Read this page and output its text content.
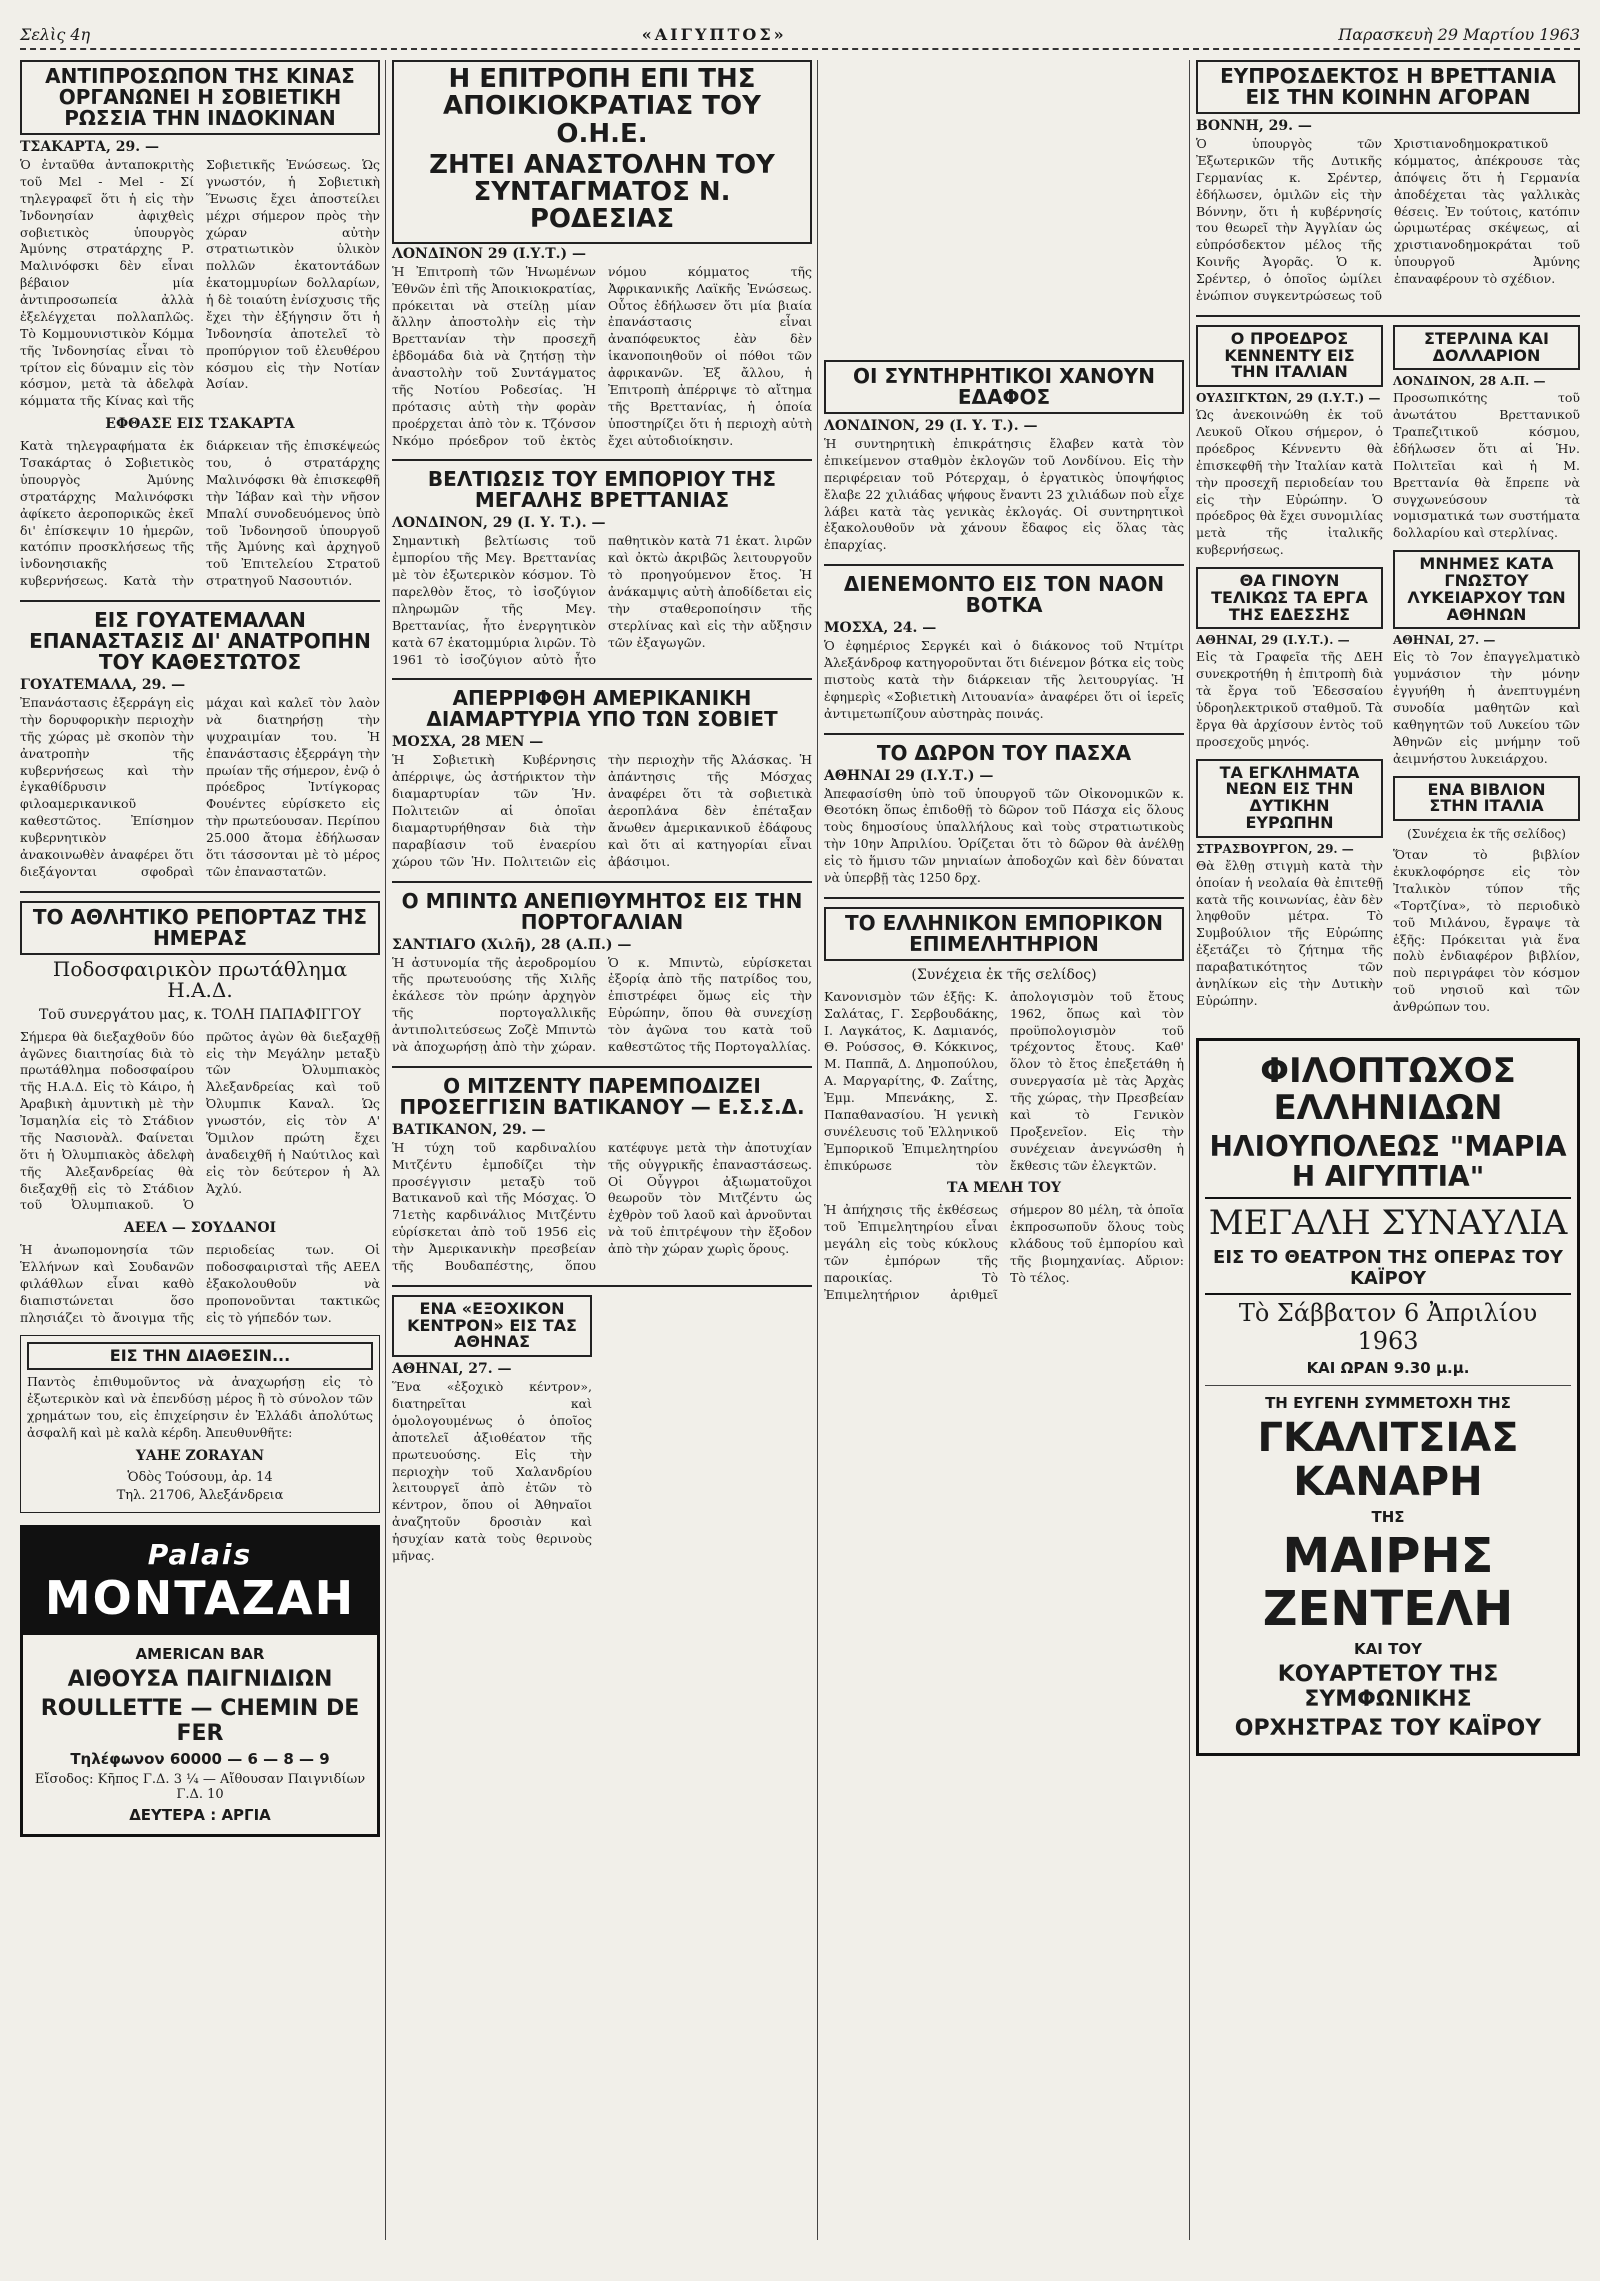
Σελὶς 4η	«ΑΙΓΥΠΤΟΣ»	Παρασκευὴ 29 Μαρτίου 1963
ΑΝΤΙΠΡΟΣΩΠΟΝ ΤΗΣ ΚΙΝΑΣ ΟΡΓΑΝΩΝΕΙ Η ΣΟΒΙΕΤΙΚΗ ΡΩΣΣΙΑ ΤΗΝ ΙΝΔΟΚΙΝΑΝ
ΤΣΑΚΑΡΤΑ, 29. —
Ὁ ἐνταῦθα ἀνταποκριτὴς τοῦ Μεl - Mel - Σί τηλεγραφεῖ ὅτι ἡ εἰς τὴν Ἰνδονησίαν ἀφιχθεὶς σοβιετικὸς ὑπουργὸς Ἀμύνης στρατάρχης Ρ. Μαλινόφσκι δὲν εἶναι βέβαιον μία ἀντιπροσωπεία ἀλλὰ ἐξελέγχεται πολλαπλῶς. Τὸ Κομμουνιστικὸν Κόμμα τῆς Ἰνδονησίας εἶναι τὸ τρίτον εἰς δύναμιν εἰς τὸν κόσμον, μετὰ τὰ ἀδελφὰ κόμματα τῆς Κίνας καὶ τῆς Σοβιετικῆς Ἑνώσεως. Ὡς γνωστόν, ἡ Σοβιετικὴ Ἕνωσις ἔχει ἀποστείλει μέχρι σήμερον πρὸς τὴν χώραν αὐτὴν στρατιωτικὸν ὑλικὸν πολλῶν ἑκατοντάδων ἑκατομμυρίων δολλαρίων, ἡ δὲ τοιαύτη ἐνίσχυσις τῆς ἔχει τὴν ἐξήγησιν ὅτι ἡ Ἰνδονησία ἀποτελεῖ τὸ προπύργιον τοῦ ἐλευθέρου κόσμου εἰς τὴν Νοτίαν Ἀσίαν.
ΕΦΘΑΣΕ ΕΙΣ ΤΣΑΚΑΡΤΑ
Κατὰ τηλεγραφήματα ἐκ Τσακάρτας ὁ Σοβιετικὸς ὑπουργὸς Ἀμύνης στρατάρχης Μαλινόφσκι ἀφίκετο ἀεροπορικῶς ἐκεῖ δι' ἐπίσκεψιν 10 ἡμερῶν, κατόπιν προσκλήσεως τῆς ἰνδονησιακῆς κυβερνήσεως. Κατὰ τὴν διάρκειαν τῆς ἐπισκέψεώς του, ὁ στρατάρχης Μαλινόφσκι θὰ ἐπισκεφθῆ τὴν Ἰάβαν καὶ τὴν νῆσον Μπαλί συνοδευόμενος ὑπὸ τοῦ Ἰνδονησοῦ ὑπουργοῦ τῆς Ἀμύνης καὶ ἀρχηγοῦ τοῦ Ἐπιτελείου Στρατοῦ στρατηγοῦ Νασουτιόν.
ΕΙΣ ΓΟΥΑΤΕΜΑΛΑΝ ΕΠΑΝΑΣΤΑΣΙΣ ΔΙ' ΑΝΑΤΡΟΠΗΝ ΤΟΥ ΚΑΘΕΣΤΩΤΟΣ
ΓΟΥΑΤΕΜΑΛΑ, 29. —
Ἐπανάστασις ἐξερράγη εἰς τὴν δορυφορικὴν περιοχὴν τῆς χώρας μὲ σκοπὸν τὴν ἀνατροπὴν τῆς κυβερνήσεως καὶ τὴν ἐγκαθίδρυσιν φιλοαμερικανικοῦ καθεστῶτος. Ἐπίσημον κυβερνητικὸν ἀνακοινωθὲν ἀναφέρει ὅτι διεξάγονται σφοδραὶ μάχαι καὶ καλεῖ τὸν λαὸν νὰ διατηρήσῃ τὴν ψυχραιμίαν του. Ἡ ἐπανάστασις ἐξερράγη τὴν πρωίαν τῆς σήμερον, ἐνῷ ὁ πρόεδρος Ἰντίγκορας Φουέντες εὑρίσκετο εἰς τὴν πρωτεύουσαν. Περίπου 25.000 ἄτομα ἐδήλωσαν ὅτι τάσσονται μὲ τὸ μέρος τῶν ἐπαναστατῶν.
ΤΟ ΑΘΛΗΤΙΚΟ ΡΕΠΟΡΤΑΖ ΤΗΣ ΗΜΕΡΑΣ
Ποδοσφαιρικὸν πρωτάθλημα Η.Α.Δ.
Τοῦ συνεργάτου μας, κ. ΤΟΛΗ ΠΑΠΑΦΙΓΓΟΥ
Σήμερα θὰ διεξαχθοῦν δύο ἀγῶνες διαιτησίας διὰ τὸ πρωτάθλημα ποδοσφαίρου τῆς Η.Α.Δ. Εἰς τὸ Κάιρο, ἡ Ἀραβικὴ ἀμυντικὴ μὲ τὴν Ἰσμαηλία εἰς τὸ Στάδιον τῆς Νασιονὰλ. Φαίνεται ὅτι ἡ Ὀλυμπιακὸς ἀδελφὴ τῆς Ἀλεξανδρείας θὰ διεξαχθῇ εἰς τὸ Στάδιον τοῦ Ὀλυμπιακοῦ. Ὁ πρῶτος ἀγὼν θὰ διεξαχθῇ εἰς τὴν Μεγάλην μεταξὺ τῶν Ὀλυμπιακὸς Ἀλεξανδρείας καὶ τοῦ Ὀλυμπικ Καναλ. Ὡς γνωστόν, εἰς τὸν Α' Ὅμιλον πρώτη ἔχει ἀναδειχθῆ ἡ Ναύτιλος καὶ εἰς τὸν δεύτερον ἡ Ἀλ Ἀχλύ.
ΑΕΕΛ — ΣΟΥΔΑΝΟΙ
Ἡ ἀνωπομονησία τῶν Ἑλλήνων καὶ Σουδανῶν φιλάθλων εἶναι καθὸ διαπιστώνεται ὅσο πλησιάζει τὸ ἄνοιγμα τῆς περιοδείας των. Οἱ ποδοσφαιρισταὶ τῆς ΑΕΕΛ ἐξακολουθοῦν νὰ προπονοῦνται τακτικῶς εἰς τὸ γήπεδόν των.
ΕΙΣ ΤΗΝ ΔΙΑΘΕΣΙΝ...
Παντὸς ἐπιθυμοῦντος νὰ ἀναχωρήσῃ εἰς τὸ ἐξωτερικὸν καὶ νὰ ἐπενδύσῃ μέρος ἢ τὸ σύνολον τῶν χρημάτων του, εἰς ἐπιχείρησιν ἐν Ἑλλάδι ἀπολύτως ἀσφαλῆ καὶ μὲ καλὰ κέρδη. Ἀπευθυνθῆτε:
ΥΑΗΕ ΖΟRΑΥΑΝ
Ὁδὸς Τούσουμ, ἀρ. 14
Τηλ. 21706, Ἀλεξάνδρεια
Palais
MONTAZAH
AMERICAN BAR
ΑΙΘΟΥΣΑ ΠΑΙΓΝΙΔΙΩΝ
ROULLETTE — CHEMIN DE FER
Τηλέφωνον 60000 — 6 — 8 — 9
Εἴσοδος: Κῆπος Γ.Δ. 3 ¼ — Αἴθουσαν Παιγνιδίων Γ.Δ. 10
ΔΕΥΤΕΡΑ : ΑΡΓΙΑ
Η ΕΠΙΤΡΟΠΗ ΕΠΙ ΤΗΣ ΑΠΟΙΚΙΟΚΡΑΤΙΑΣ ΤΟΥ Ο.Η.Ε.
ΖΗΤΕΙ ΑΝΑΣΤΟΛΗΝ ΤΟΥ ΣΥΝΤΑΓΜΑΤΟΣ Ν. ΡΟΔΕΣΙΑΣ
ΛΟΝΔΙΝΟΝ 29 (Ι.Υ.Τ.) —
Ἡ Ἐπιτροπὴ τῶν Ἡνωμένων Ἐθνῶν ἐπὶ τῆς Ἀποικιοκρατίας, πρόκειται νὰ στείλῃ μίαν ἄλλην ἀποστολὴν εἰς τὴν Βρεττανίαν τὴν προσεχῆ ἑβδομάδα διὰ νὰ ζητήσῃ τὴν ἀναστολὴν τοῦ Συντάγματος τῆς Νοτίου Ροδεσίας. Ἡ πρότασις αὐτὴ τὴν φορὰν προέρχεται ἀπὸ τὸν κ. Τζόνσον Νκόμο πρόεδρον τοῦ ἐκτὸς νόμου κόμματος τῆς Ἀφρικανικῆς Λαϊκῆς Ἑνώσεως. Οὗτος ἐδήλωσεν ὅτι μία βιαία ἐπανάστασις εἶναι ἀναπόφευκτος ἐὰν δὲν ἱκανοποιηθοῦν οἱ πόθοι τῶν ἀφρικανῶν. Ἐξ ἄλλου, ἡ Ἐπιτροπὴ ἀπέρριψε τὸ αἴτημα τῆς Βρεττανίας, ἡ ὁποία ὑποστηρίζει ὅτι ἡ περιοχὴ αὐτὴ ἔχει αὐτοδιοίκησιν.
ΒΕΛΤΙΩΣΙΣ ΤΟΥ ΕΜΠΟΡΙΟΥ ΤΗΣ ΜΕΓΑΛΗΣ ΒΡΕΤΤΑΝΙΑΣ
ΛΟΝΔΙΝΟΝ, 29 (Ι. Υ. Τ.). —
Σημαντικὴ βελτίωσις τοῦ ἐμπορίου τῆς Μεγ. Βρεττανίας μὲ τὸν ἐξωτερικὸν κόσμον. Τὸ παρελθὸν ἔτος, τὸ ἰσοζύγιον πληρωμῶν τῆς Μεγ. Βρεττανίας, ἦτο ἐνεργητικὸν κατὰ 67 ἑκατομμύρια λιρῶν. Τὸ 1961 τὸ ἰσοζύγιον αὐτὸ ἦτο παθητικὸν κατὰ 71 ἑκατ. λιρῶν καὶ ὀκτὼ ἀκριβῶς λειτουργοῦν τὸ προηγούμενον ἔτος. Ἡ ἀνάκαμψις αὐτὴ ἀποδίδεται εἰς τὴν σταθεροποίησιν τῆς στερλίνας καὶ εἰς τὴν αὔξησιν τῶν ἐξαγωγῶν.
ΑΠΕΡΡΙΦΘΗ ΑΜΕΡΙΚΑΝΙΚΗ ΔΙΑΜΑΡΤΥΡΙΑ ΥΠΟ ΤΩΝ ΣΟΒΙΕΤ
ΜΟΣΧΑ, 28 ΜΕΝ —
Ἡ Σοβιετικὴ Κυβέρνησις ἀπέρριψε, ὡς ἀστήρικτον τὴν διαμαρτυρίαν τῶν Ἡν. Πολιτειῶν αἱ ὁποῖαι διαμαρτυρήθησαν διὰ τὴν παραβίασιν τοῦ ἐναερίου χώρου τῶν Ἡν. Πολιτειῶν εἰς τὴν περιοχὴν τῆς Ἀλάσκας. Ἡ ἀπάντησις τῆς Μόσχας ἀναφέρει ὅτι τὰ σοβιετικὰ ἀεροπλάνα δὲν ἐπέταξαν ἄνωθεν ἀμερικανικοῦ ἐδάφους καὶ ὅτι αἱ κατηγορίαι εἶναι ἀβάσιμοι.
Ο ΜΠΙΝΤΩ ΑΝΕΠΙΘΥΜΗΤΟΣ ΕΙΣ ΤΗΝ ΠΟΡΤΟΓΑΛΙΑΝ
ΣΑΝΤΙΑΓΟ (Χιλῆ), 28 (Α.Π.) —
Ἡ ἀστυνομία τῆς ἀεροδρομίου τῆς πρωτευούσης τῆς Χιλῆς ἐκάλεσε τὸν πρώην ἀρχηγὸν τῆς πορτογαλλικῆς ἀντιπολιτεύσεως Ζοζὲ Μπιντὼ νὰ ἀποχωρήσῃ ἀπὸ τὴν χώραν. Ὁ κ. Μπιντὼ, εὑρίσκεται ἐξορίᾳ ἀπὸ τῆς πατρίδος του, ἐπιστρέφει ὅμως εἰς τὴν Εὐρώπην, ὅπου θὰ συνεχίσῃ τὸν ἀγῶνα του κατὰ τοῦ καθεστῶτος τῆς Πορτογαλλίας.
Ο ΜΙΤΖΕΝΤΥ ΠΑΡΕΜΠΟΔΙΖΕΙ ΠΡΟΣΕΓΓΙΣΙΝ ΒΑΤΙΚΑΝΟΥ — Ε.Σ.Σ.Δ.
ΒΑΤΙΚΑΝΟΝ, 29. —
Ἡ τύχη τοῦ καρδιναλίου Μιτζέντυ ἐμποδίζει τὴν προσέγγισιν μεταξὺ τοῦ Βατικανοῦ καὶ τῆς Μόσχας. Ὁ 71ετὴς καρδινάλιος Μιτζέντυ εὑρίσκεται ἀπὸ τοῦ 1956 εἰς τὴν Ἀμερικανικὴν πρεσβείαν τῆς Βουδαπέστης, ὅπου κατέφυγε μετὰ τὴν ἀποτυχίαν τῆς οὑγγρικῆς ἐπαναστάσεως. Οἱ Οὗγγροι ἀξιωματοῦχοι θεωροῦν τὸν Μιτζέντυ ὡς ἐχθρὸν τοῦ λαοῦ καὶ ἀρνοῦνται νὰ τοῦ ἐπιτρέψουν τὴν ἔξοδον ἀπὸ τὴν χώραν χωρὶς ὅρους.
ΕΝΑ «ΕΞΟΧΙΚΟΝ ΚΕΝΤΡΟΝ» ΕΙΣ ΤΑΣ ΑΘΗΝΑΣ
ΑΘΗΝΑΙ, 27. —
Ἕνα «ἐξοχικὸ κέντρον», διατηρεῖται καὶ ὁμολογουμένως ὁ ὁποῖος ἀποτελεῖ ἀξιοθέατον τῆς πρωτευούσης. Εἰς τὴν περιοχὴν τοῦ Χαλανδρίου λειτουργεῖ ἀπὸ ἐτῶν τὸ κέντρον, ὅπου οἱ Ἀθηναῖοι ἀναζητοῦν δροσιὰν καὶ ἡσυχίαν κατὰ τοὺς θερινοὺς μῆνας.
ΟΙ ΣΥΝΤΗΡΗΤΙΚΟΙ ΧΑΝΟΥΝ ΕΔΑΦΟΣ
ΛΟΝΔΙΝΟΝ, 29 (Ι. Υ. Τ.). —
Ἡ συντηρητικὴ ἐπικράτησις ἔλαβεν κατὰ τὸν ἐπικείμενον σταθμὸν ἐκλογῶν τοῦ Λονδίνου. Εἰς τὴν περιφέρειαν τοῦ Ρότερχαμ, ὁ ἐργατικὸς ὑποψήφιος ἔλαβε 22 χιλιάδας ψήφους ἔναντι 23 χιλιάδων ποὺ εἶχε λάβει κατὰ τὰς γενικὰς ἐκλογάς. Οἱ συντηρητικοὶ ἐξακολουθοῦν νὰ χάνουν ἔδαφος εἰς ὅλας τὰς ἐπαρχίας.
ΔΙΕΝΕΜΟΝΤΟ ΕΙΣ ΤΟΝ ΝΑΟΝ ΒΟΤΚΑ
ΜΟΣΧΑ, 24. —
Ὁ ἐφημέριος Σεργκέι καὶ ὁ διάκονος τοῦ Ντμίτρι Ἀλεξάνδροφ κατηγοροῦνται ὅτι διένεμον βότκα εἰς τοὺς πιστοὺς κατὰ τὴν διάρκειαν τῆς λειτουργίας. Ἡ ἐφημερὶς «Σοβιετικὴ Λιτουανία» ἀναφέρει ὅτι οἱ ἱερεῖς ἀντιμετωπίζουν αὐστηρὰς ποινάς.
ΤΟ ΔΩΡΟΝ ΤΟΥ ΠΑΣΧΑ
ΑΘΗΝΑΙ 29 (Ι.Υ.Τ.) —
Ἀπεφασίσθη ὑπὸ τοῦ ὑπουργοῦ τῶν Οἰκονομικῶν κ. Θεοτόκη ὅπως ἐπιδοθῇ τὸ δῶρον τοῦ Πάσχα εἰς ὅλους τοὺς δημοσίους ὑπαλλήλους καὶ τοὺς στρατιωτικοὺς τὴν 10ην Ἀπριλίου. Ὁρίζεται ὅτι τὸ δῶρον θὰ ἀνέλθῃ εἰς τὸ ἥμισυ τῶν μηνιαίων ἀποδοχῶν καὶ δὲν δύναται νὰ ὑπερβῇ τὰς 1250 δρχ.
ΤΟ ΕΛΛΗΝΙΚΟΝ ΕΜΠΟΡΙΚΟΝ ΕΠΙΜΕΛΗΤΗΡΙΟΝ
(Συνέχεια ἐκ τῆς σελίδος)
Κανονισμὸν τῶν ἑξῆς: Κ. Σαλάτας, Γ. Σερβουδάκης, Ι. Λαγκάτος, Κ. Δαμιανός, Θ. Ρούσσος, Θ. Κόκκινος, Μ. Παππᾶ, Δ. Δημοπούλου, Α. Μαργαρίτης, Φ. Ζαΐτης, Ἐμμ. Μπενάκης, Σ. Παπαθανασίου. Ἡ γενικὴ συνέλευσις τοῦ Ἑλληνικοῦ Ἐμπορικοῦ Ἐπιμελητηρίου ἐπικύρωσε τὸν ἀπολογισμὸν τοῦ ἔτους 1962, ὅπως καὶ τὸν προϋπολογισμὸν τοῦ τρέχοντος ἔτους. Καθ' ὅλον τὸ ἔτος ἐπεξετάθη ἡ συνεργασία μὲ τὰς Ἀρχὰς τῆς χώρας, τὴν Πρεσβείαν καὶ τὸ Γενικὸν Προξενεῖον. Εἰς τὴν συνέχειαν ἀνεγνώσθη ἡ ἔκθεσις τῶν ἐλεγκτῶν.
ΤΑ ΜΕΛΗ ΤΟΥ
Ἡ ἀπήχησις τῆς ἐκθέσεως τοῦ Ἐπιμελητηρίου εἶναι μεγάλη εἰς τοὺς κύκλους τῶν ἐμπόρων τῆς παροικίας. Τὸ Ἐπιμελητήριον ἀριθμεῖ σήμερον 80 μέλη, τὰ ὁποῖα ἐκπροσωποῦν ὅλους τοὺς κλάδους τοῦ ἐμπορίου καὶ τῆς βιομηχανίας. Αὔριον: Τὸ τέλος.
ΕΥΠΡΟΣΔΕΚΤΟΣ Η ΒΡΕΤΤΑΝΙΑ ΕΙΣ ΤΗΝ ΚΟΙΝΗΝ ΑΓΟΡΑΝ
ΒΟΝΝΗ, 29. —
Ὁ ὑπουργὸς τῶν Ἐξωτερικῶν τῆς Δυτικῆς Γερμανίας κ. Σρέντερ, ἐδήλωσεν, ὁμιλῶν εἰς τὴν Βόννην, ὅτι ἡ κυβέρνησίς του θεωρεῖ τὴν Ἀγγλίαν ὡς εὐπρόσδεκτον μέλος τῆς Κοινῆς Ἀγορᾶς. Ὁ κ. Σρέντερ, ὁ ὁποῖος ὡμίλει ἐνώπιον συγκεντρώσεως τοῦ Χριστιανοδημοκρατικοῦ κόμματος, ἀπέκρουσε τὰς ἀπόψεις ὅτι ἡ Γερμανία ἀποδέχεται τὰς γαλλικὰς θέσεις. Ἐν τούτοις, κατόπιν ὡριμωτέρας σκέψεως, αἱ χριστιανοδημοκράται τοῦ ὑπουργοῦ Ἀμύνης ἐπαναφέρουν τὸ σχέδιον.
Ο ΠΡΟΕΔΡΟΣ ΚΕΝΝΕΝΤΥ ΕΙΣ ΤΗΝ ΙΤΑΛΙΑΝ
ΟΥΑΣΙΓΚΤΩΝ, 29 (Ι.Υ.Τ.) —
Ὡς ἀνεκοινώθη ἐκ τοῦ Λευκοῦ Οἴκου σήμερον, ὁ πρόεδρος Κέννεντυ θὰ ἐπισκεφθῆ τὴν Ἰταλίαν κατὰ τὴν προσεχῆ περιοδείαν του εἰς τὴν Εὐρώπην. Ὁ πρόεδρος θὰ ἔχει συνομιλίας μετὰ τῆς ἰταλικῆς κυβερνήσεως.
ΘΑ ΓΙΝΟΥΝ ΤΕΛΙΚΩΣ ΤΑ ΕΡΓΑ ΤΗΣ ΕΔΕΣΣΗΣ
ΑΘΗΝΑΙ, 29 (Ι.Υ.Τ.). —
Εἰς τὰ Γραφεῖα τῆς ΔΕΗ συνεκροτήθη ἡ ἐπιτροπὴ διὰ τὰ ἔργα τοῦ Ἐδεσσαίου ὑδροηλεκτρικοῦ σταθμοῦ. Τὰ ἔργα θὰ ἀρχίσουν ἐντὸς τοῦ προσεχοῦς μηνός.
ΤΑ ΕΓΚΛΗΜΑΤΑ ΝΕΩΝ ΕΙΣ ΤΗΝ ΔΥΤΙΚΗΝ ΕΥΡΩΠΗΝ
ΣΤΡΑΣΒΟΥΡΓΟΝ, 29. —
Θὰ ἔλθῃ στιγμὴ κατὰ τὴν ὁποίαν ἡ νεολαία θὰ ἐπιτεθῇ κατὰ τῆς κοινωνίας, ἐὰν δὲν ληφθοῦν μέτρα. Τὸ Συμβούλιον τῆς Εὐρώπης ἐξετάζει τὸ ζήτημα τῆς παραβατικότητος τῶν ἀνηλίκων εἰς τὴν Δυτικὴν Εὐρώπην.
ΣΤΕΡΛΙΝΑ ΚΑΙ ΔΟΛΛΑΡΙΟΝ
ΛΟΝΔΙΝΟΝ, 28 Α.Π. —
Προσωπικότης τοῦ ἀνωτάτου Βρεττανικοῦ Τραπεζιτικοῦ κόσμου, ἐδήλωσεν ὅτι αἱ Ἡν. Πολιτεῖαι καὶ ἡ Μ. Βρεττανία θὰ ἔπρεπε νὰ συγχωνεύσουν τὰ νομισματικά των συστήματα δολλαρίου καὶ στερλίνας.
ΜΝΗΜΕΣ ΚΑΤΑ ΓΝΩΣΤΟΥ ΛΥΚΕΙΑΡΧΟΥ ΤΩΝ ΑΘΗΝΩΝ
ΑΘΗΝΑΙ, 27. —
Εἰς τὸ 7ον ἐπαγγελματικὸ γυμνάσιον τὴν μόνην ἐγγυήθη ἡ ἀνεπτυγμένη συνοδία μαθητῶν καὶ καθηγητῶν τοῦ Λυκείου τῶν Ἀθηνῶν εἰς μνήμην τοῦ ἀειμνήστου λυκειάρχου.
ΕΝΑ ΒΙΒΛΙΟΝ ΣΤΗΝ ΙΤΑΛΙΑ
(Συνέχεια ἐκ τῆς σελίδος)
Ὅταν τὸ βιβλίον ἐκυκλοφόρησε εἰς τὸν Ἰταλικὸν τύπον τῆς «Τορτζίνα», τὸ περιοδικὸ τοῦ Μιλάνου, ἔγραψε τὰ ἑξῆς: Πρόκειται γιὰ ἕνα πολὺ ἐνδιαφέρον βιβλίον, ποὺ περιγράφει τὸν κόσμον τοῦ νησιοῦ καὶ τῶν ἀνθρώπων του.
ΦΙΛΟΠΤΩΧΟΣ ΕΛΛΗΝΙΔΩΝ
ΗΛΙΟΥΠΟΛΕΩΣ "ΜΑΡΙΑ Η ΑΙΓΥΠΤΙΑ"
ΜΕΓΑΛΗ ΣΥΝΑΥΛΙΑ
ΕΙΣ ΤΟ ΘΕΑΤΡΟΝ ΤΗΣ ΟΠΕΡΑΣ ΤΟΥ ΚΑΪΡΟΥ
Τὸ Σάββατον 6 Ἀπριλίου 1963
ΚΑΙ ΩΡΑΝ 9.30 μ.μ.
ΤΗ ΕΥΓΕΝΗ ΣΥΜΜΕΤΟΧΗ ΤΗΣ
ΓΚΑΛΙΤΣΙΑΣ ΚΑΝΑΡΗ
ΤΗΣ
ΜΑΙΡΗΣ ΖΕΝΤΕΛΗ
ΚΑΙ ΤΟΥ
ΚΟΥΑΡΤΕΤΟΥ ΤΗΣ ΣΥΜΦΩΝΙΚΗΣ
ΟΡΧΗΣΤΡΑΣ ΤΟΥ ΚΑΪΡΟΥ
